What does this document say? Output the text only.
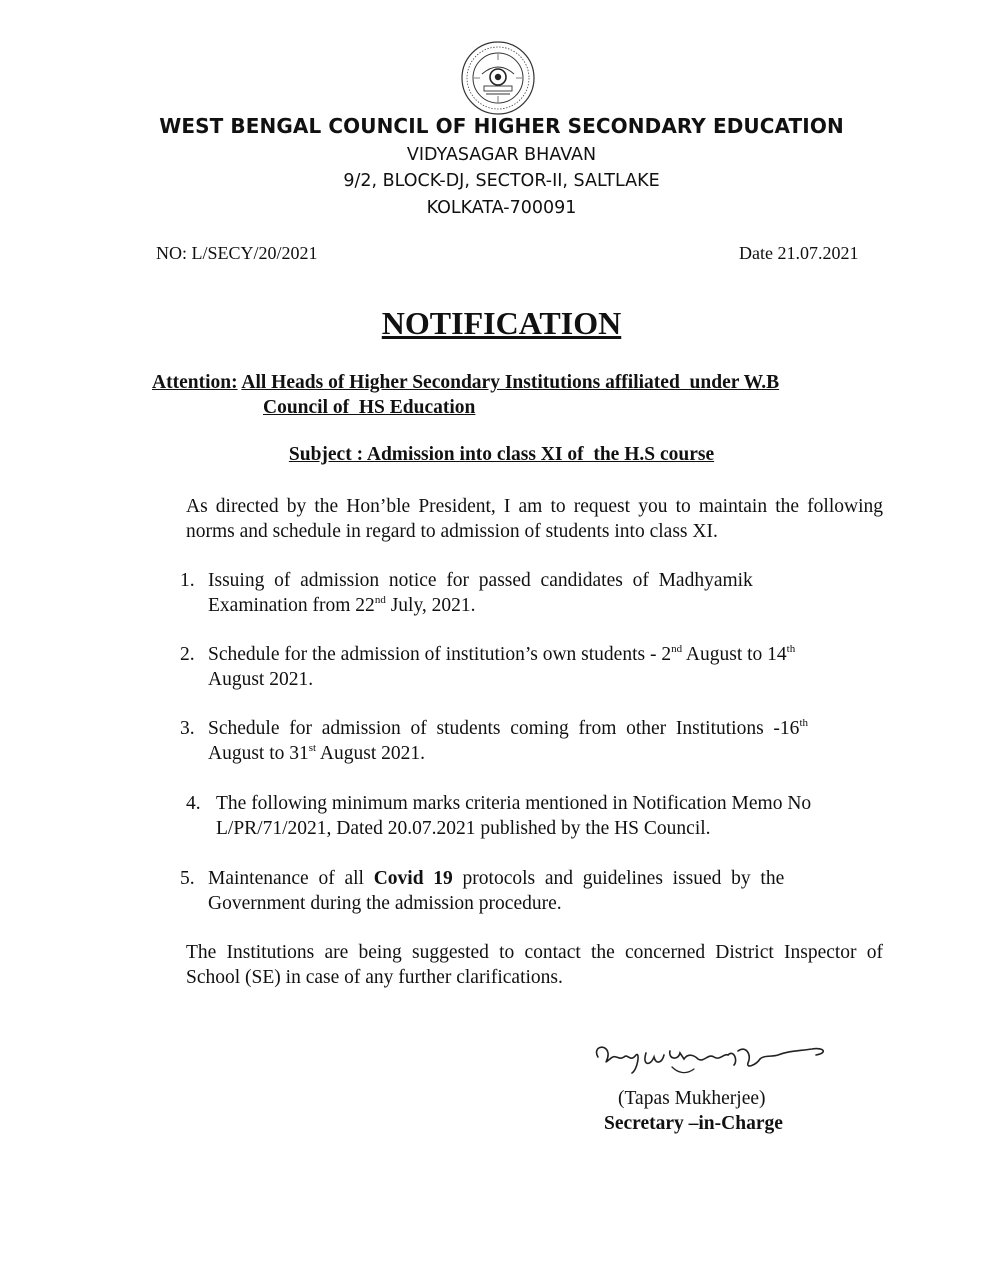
WEST BENGAL COUNCIL OF HIGHER SECONDARY EDUCATION
VIDYASAGAR BHAVAN
9/2, BLOCK-DJ, SECTOR-II, SALTLAKE
KOLKATA-700091
NO: L/SECY/20/2021	Date 21.07.2021
NOTIFICATION
Attention: All Heads of Higher Secondary Institutions affiliated  under W.B
Council of  HS Education
Subject : Admission into class XI of  the H.S course
As directed by the Hon’ble President, I am to request you to maintain the following norms and schedule in regard to admission of students into class XI.
1. Issuing  of  admission  notice  for  passed  candidates  of  Madhyamik
Examination from 22nd July, 2021.
2. Schedule for the admission of institution’s own students - 2nd August to 14th
August 2021.
3. Schedule  for  admission  of  students  coming  from  other  Institutions  -16th
August to 31st August 2021.
4. The following minimum marks criteria mentioned in Notification Memo No
L/PR/71/2021, Dated 20.07.2021 published by the HS Council.
5. Maintenance  of  all  Covid  19  protocols  and  guidelines  issued  by  the
Government during the admission procedure.
The Institutions are being suggested to contact the concerned District Inspector of School (SE) in case of any further clarifications.
(Tapas Mukherjee)
Secretary –in-Charge
